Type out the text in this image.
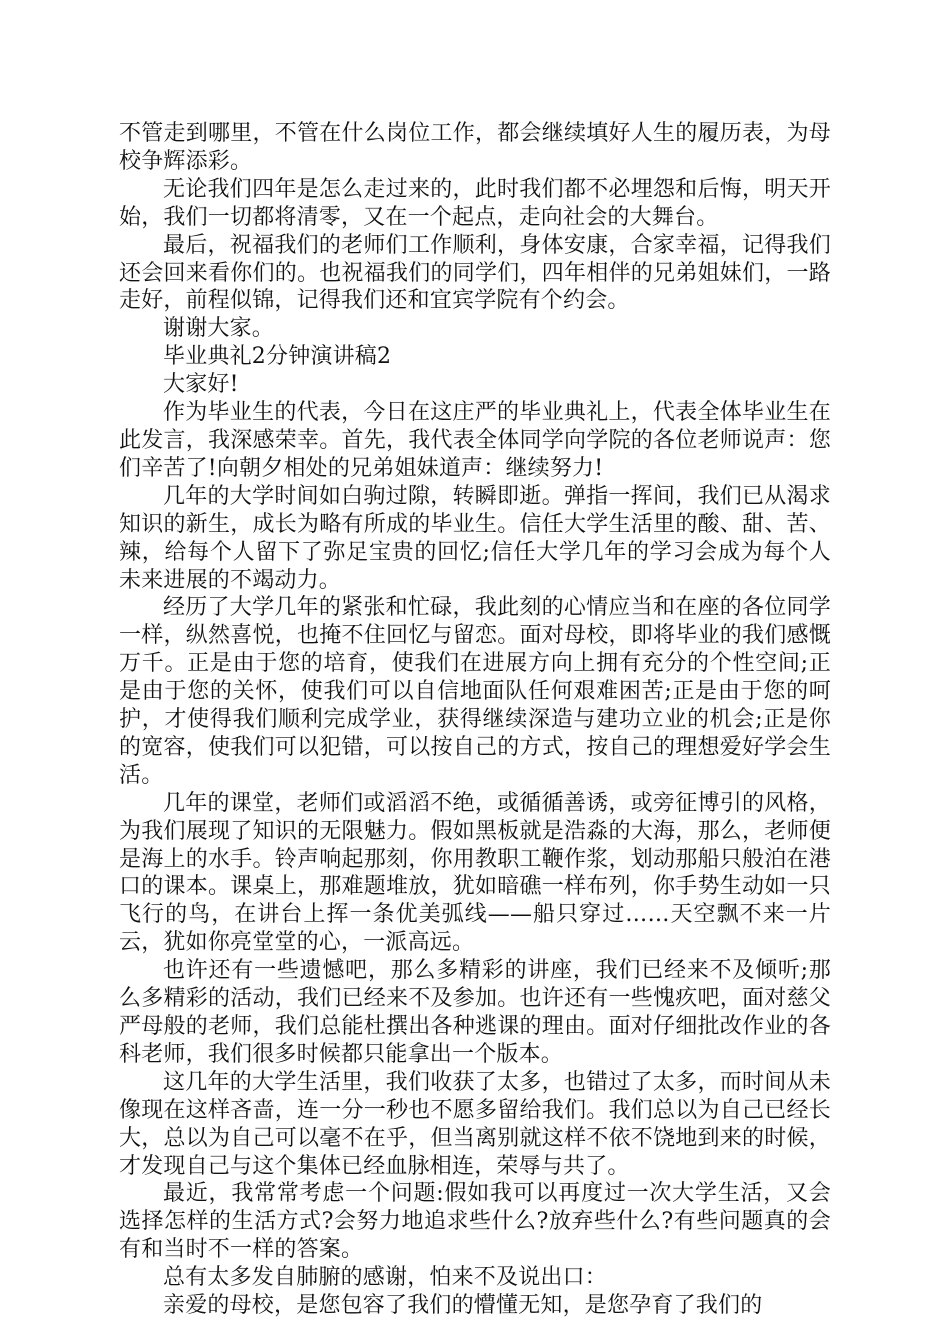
不管走到哪里，不管在什么岗位工作，都会继续填好人生的履历表，为母校争辉添彩。

无论我们四年是怎么走过来的，此时我们都不必埋怨和后悔，明天开始，我们一切都将清零，又在一个起点，走向社会的大舞台。

最后，祝福我们的老师们工作顺利，身体安康，合家幸福，记得我们还会回来看你们的。也祝福我们的同学们，四年相伴的兄弟姐妹们，一路走好，前程似锦，记得我们还和宜宾学院有个约会。

谢谢大家。

毕业典礼2分钟演讲稿2

大家好!

作为毕业生的代表，今日在这庄严的毕业典礼上，代表全体毕业生在此发言，我深感荣幸。首先，我代表全体同学向学院的各位老师说声：您们辛苦了!向朝夕相处的兄弟姐妹道声：继续努力!

几年的大学时间如白驹过隙，转瞬即逝。弹指一挥间，我们已从渴求知识的新生，成长为略有所成的毕业生。信任大学生活里的酸、甜、苦、辣，给每个人留下了弥足宝贵的回忆;信任大学几年的学习会成为每个人未来进展的不竭动力。

经历了大学几年的紧张和忙碌，我此刻的心情应当和在座的各位同学一样，纵然喜悦，也掩不住回忆与留恋。面对母校，即将毕业的我们感慨万千。正是由于您的培育，使我们在进展方向上拥有充分的个性空间;正是由于您的关怀，使我们可以自信地面队任何艰难困苦;正是由于您的呵护，才使得我们顺利完成学业，获得继续深造与建功立业的机会;正是你的宽容，使我们可以犯错，可以按自己的方式，按自己的理想爱好学会生活。

几年的课堂，老师们或滔滔不绝，或循循善诱，或旁征博引的风格，为我们展现了知识的无限魅力。假如黑板就是浩淼的大海，那么，老师便是海上的水手。铃声响起那刻，你用教职工鞭作浆，划动那船只般泊在港口的课本。课桌上，那难题堆放，犹如暗礁一样布列，你手势生动如一只飞行的鸟，在讲台上挥一条优美弧线——船只穿过……天空飘不来一片云，犹如你亮堂堂的心，一派高远。

也许还有一些遗憾吧，那么多精彩的讲座，我们已经来不及倾听;那么多精彩的活动，我们已经来不及参加。也许还有一些愧疚吧，面对慈父严母般的老师，我们总能杜撰出各种逃课的理由。面对仔细批改作业的各科老师，我们很多时候都只能拿出一个版本。

这几年的大学生活里，我们收获了太多，也错过了太多，而时间从未像现在这样吝啬，连一分一秒也不愿多留给我们。我们总以为自己已经长大，总以为自己可以毫不在乎，但当离别就这样不依不饶地到来的时候，才发现自己与这个集体已经血脉相连，荣辱与共了。

最近，我常常考虑一个问题:假如我可以再度过一次大学生活，又会选择怎样的生活方式?会努力地追求些什么?放弃些什么?有些问题真的会有和当时不一样的答案。

总有太多发自肺腑的感谢，怕来不及说出口：

亲爱的母校，是您包容了我们的懵懂无知，是您孕育了我们的
